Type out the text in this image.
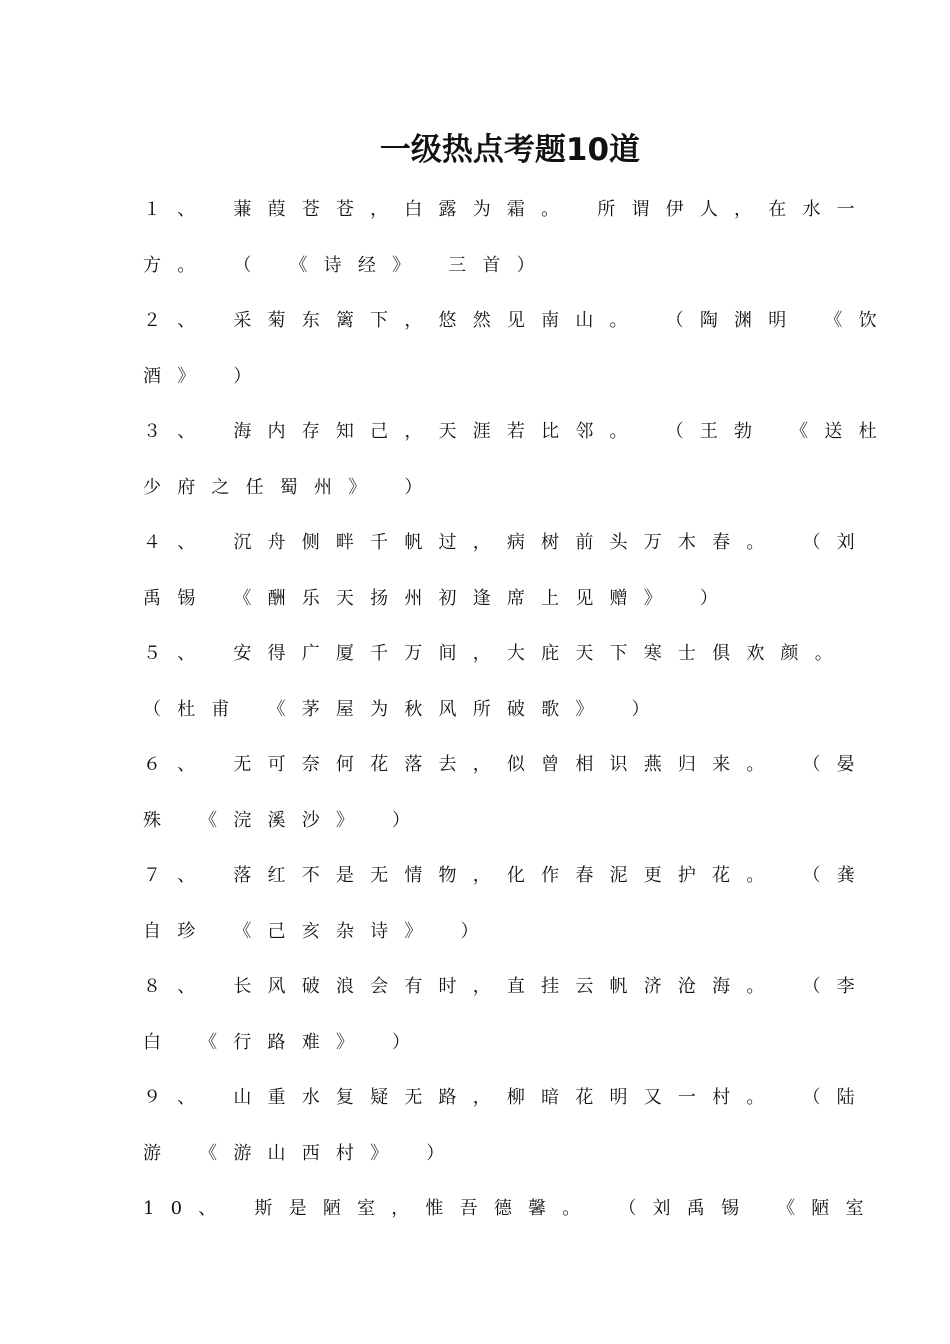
一级热点考题10道
１、 蒹葭苍苍，白露为霜。 所谓伊人，在水一
方。 （ 《诗经》 三首）
２、 采菊东篱下，悠然见南山。 （陶渊明 《饮
酒》 ）
３、 海内存知己，天涯若比邻。 （王勃 《送杜
少府之任蜀州》 ）
４、 沉舟侧畔千帆过，病树前头万木春。 （刘
禹锡 《酬乐天扬州初逢席上见赠》 ）
５、 安得广厦千万间，大庇天下寒士俱欢颜。
（杜甫 《茅屋为秋风所破歌》 ）
６、 无可奈何花落去，似曾相识燕归来。 （晏
殊 《浣溪沙》 ）
７、 落红不是无情物，化作春泥更护花。 （龚
自珍 《己亥杂诗》 ）
８、 长风破浪会有时，直挂云帆济沧海。 （李
白 《行路难》 ）
９、 山重水复疑无路，柳暗花明又一村。 （陆
游 《游山西村》 ）
10、 斯是陋室，惟吾德馨。 （刘禹锡 《陋室
